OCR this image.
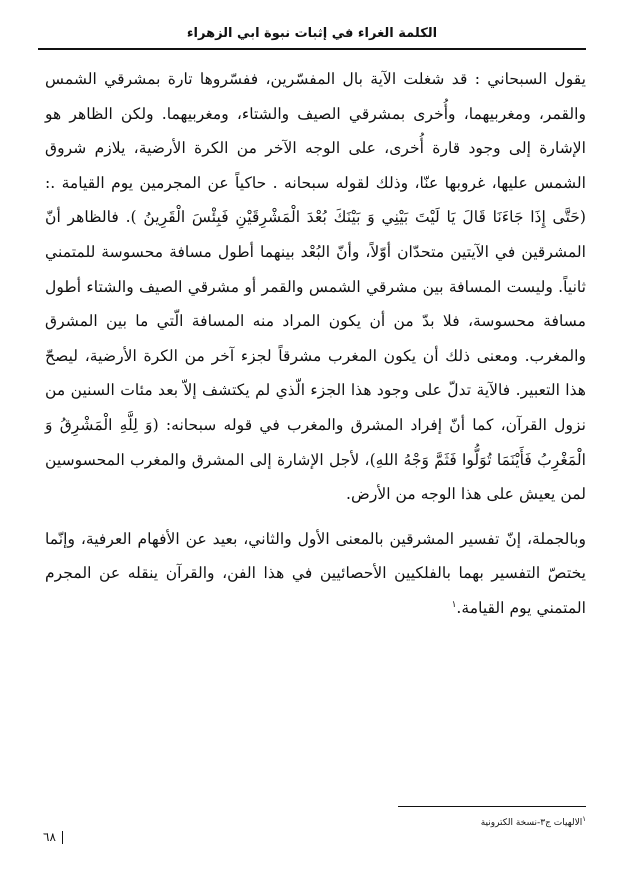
الكلمة الغراء في إثبات نبوة ابي الزهراء

يقول السبحاني : قد شغلت الآية بال المفسّرين، ففسّروها تارة بمشرقي الشمس والقمر، ومغربيهما، وأُخرى بمشرقي الصيف والشتاء، ومغربيهما. ولكن الظاهر هو الإشارة إلى وجود قارة أُخرى، على الوجه الآخر من الكرة الأرضية، يلازم شروق الشمس عليها، غروبها عنّا، وذلك لقوله سبحانه . حاكياً عن المجرمين يوم القيامة .: (حَتَّى إِذَا جَاءَنَا قَالَ يَا لَيْتَ بَيْنِي وَ بَيْنَكَ بُعْدَ الْمَشْرِقَيْنِ فَبِئْسَ الْقَرِينُ ). فالظاهر أنّ المشرقين في الآيتين متحدّان أوّلاً، وأنّ البُعْد بينهما أطول مسافة محسوسة للمتمني ثانياً. وليست المسافة بين مشرقي الشمس والقمر أو مشرقي الصيف والشتاء أطول مسافة محسوسة، فلا بدّ من أن يكون المراد منه المسافة الّتي ما بين المشرق والمغرب. ومعنى ذلك أن يكون المغرب مشرقاً لجزء آخر من الكرة الأرضية، ليصحّ هذا التعبير. فالآية تدلّ على وجود هذا الجزء الّذي لم يكتشف إلاّ بعد مئات السنين من نزول القرآن، كما أنّ إفراد المشرق والمغرب في قوله سبحانه: (وَ لِلَّهِ الْمَشْرِقُ وَ الْمَغْرِبُ فَأَيْنَمَا تُوَلُّوا فَثَمَّ وَجْهُ اللهِ)، لأجل الإشارة إلى المشرق والمغرب المحسوسين لمن يعيش على هذا الوجه من الأرض.

وبالجملة، إنّ تفسير المشرقين بالمعنى الأول والثاني، بعيد عن الأفهام العرفية، وإنّما يختصّ التفسير بهما بالفلكيين الأحصائيين في هذا الفن، والقرآن ينقله عن المجرم المتمني يوم القيامة.$^١$

$^١$الالهيات ج٣-نسخة الكترونية
٦٨
